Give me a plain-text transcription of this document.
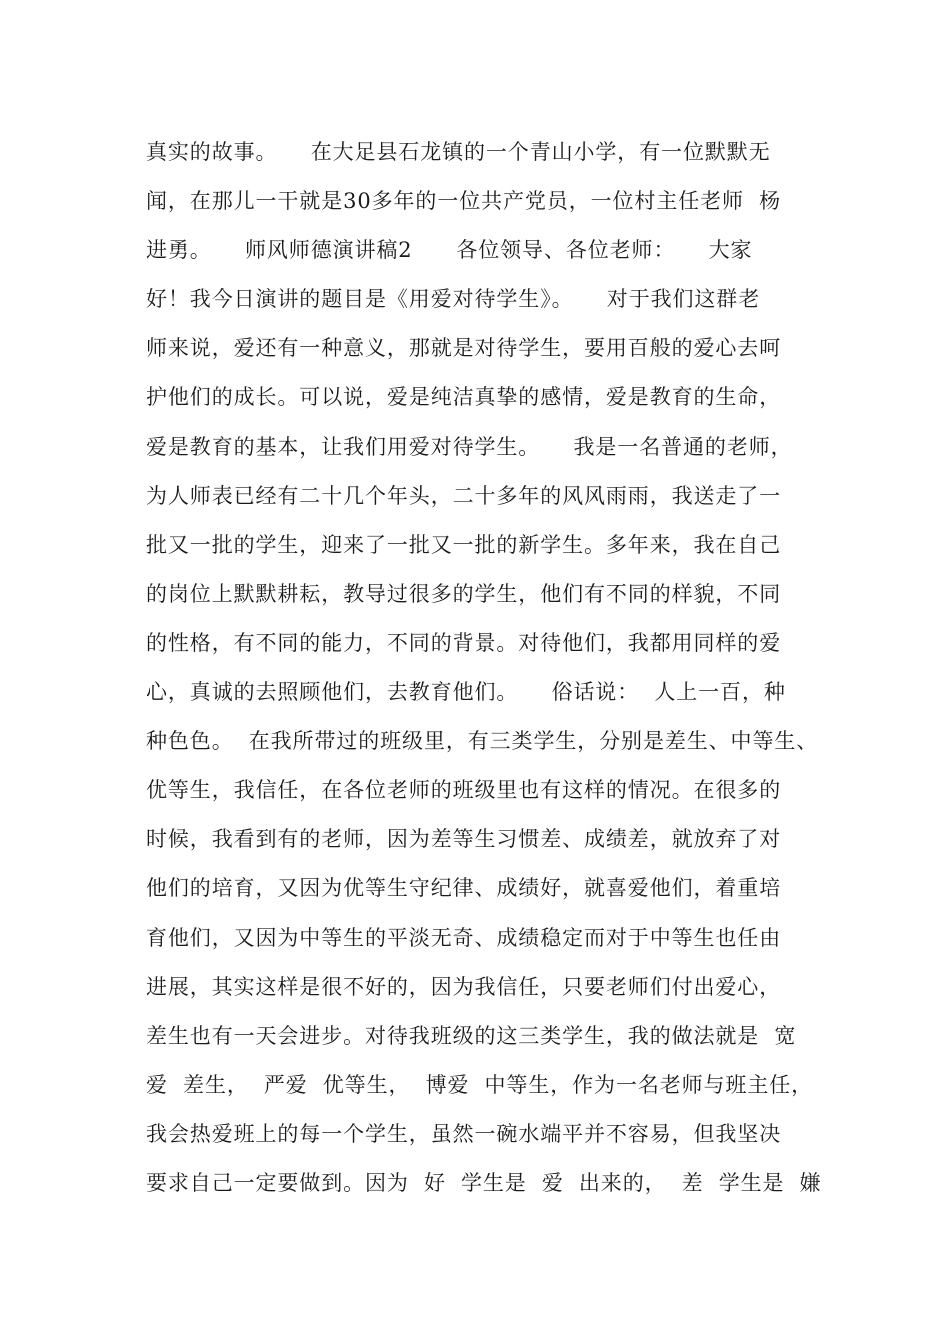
真实的故事。　　在大足县石龙镇的一个青山小学，有一位默默无
闻，在那儿一干就是30多年的一位共产党员，一位村主任老师  杨
进勇。　　师风师德演讲稿2　　各位领导、各位老师：　　大家
好！我今日演讲的题目是《用爱对待学生》。　　对于我们这群老
师来说，爱还有一种意义，那就是对待学生，要用百般的爱心去呵
护他们的成长。可以说，爱是纯洁真挚的感情，爱是教育的生命，
爱是教育的基本，让我们用爱对待学生。　　我是一名普通的老师，
为人师表已经有二十几个年头，二十多年的风风雨雨，我送走了一
批又一批的学生，迎来了一批又一批的新学生。多年来，我在自己
的岗位上默默耕耘，教导过很多的学生，他们有不同的样貌，不同
的性格，有不同的能力，不同的背景。对待他们，我都用同样的爱
心，真诚的去照顾他们，去教育他们。　　俗话说：  人上一百，种
种色色。  在我所带过的班级里，有三类学生，分别是差生、中等生、
优等生，我信任，在各位老师的班级里也有这样的情况。在很多的
时候，我看到有的老师，因为差等生习惯差、成绩差，就放弃了对
他们的培育，又因为优等生守纪律、成绩好，就喜爱他们，着重培
育他们，又因为中等生的平淡无奇、成绩稳定而对于中等生也任由
进展，其实这样是很不好的，因为我信任，只要老师们付出爱心，
差生也有一天会进步。对待我班级的这三类学生，我的做法就是  宽
爱  差生，  严爱  优等生，  博爱  中等生，作为一名老师与班主任，
我会热爱班上的每一个学生，虽然一碗水端平并不容易，但我坚决
要求自己一定要做到。因为  好  学生是  爱  出来的，  差  学生是  嫌
